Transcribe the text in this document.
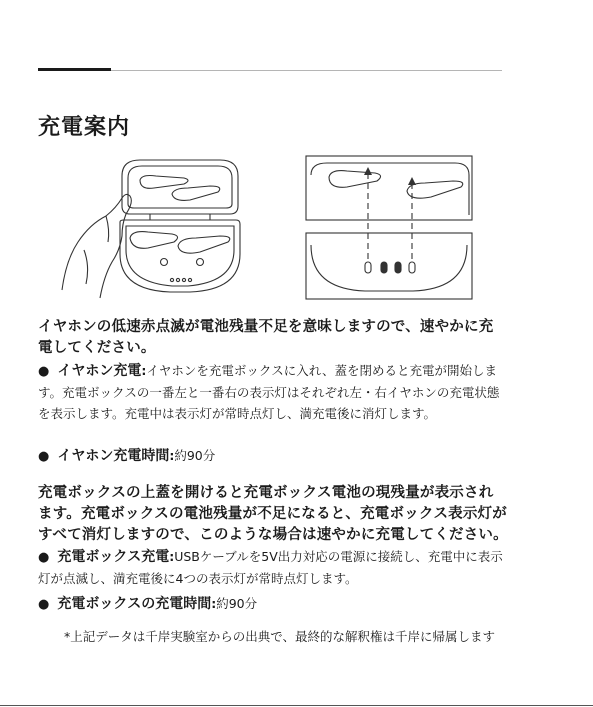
充電案内
イヤホンの低速赤点滅が電池残量不足を意味しますので、速やかに充電してください。
● イヤホン充電:イヤホンを充電ボックスに入れ、蓋を閉めると充電が開始します。充電ボックスの一番左と一番右の表示灯はそれぞれ左・右イヤホンの充電状態を表示します。充電中は表示灯が常時点灯し、満充電後に消灯します。
● イヤホン充電時間:約90分
充電ボックスの上蓋を開けると充電ボックス電池の現残量が表示されます。充電ボックスの電池残量が不足になると、充電ボックス表示灯がすべて消灯しますので、このような場合は速やかに充電してください。
● 充電ボックス充電:USBケーブルを5V出力対応の電源に接続し、充電中に表示灯が点滅し、満充電後に4つの表示灯が常時点灯します。
● 充電ボックスの充電時間:約90分
*上記データは千岸実験室からの出典で、最終的な解釈権は千岸に帰属します
